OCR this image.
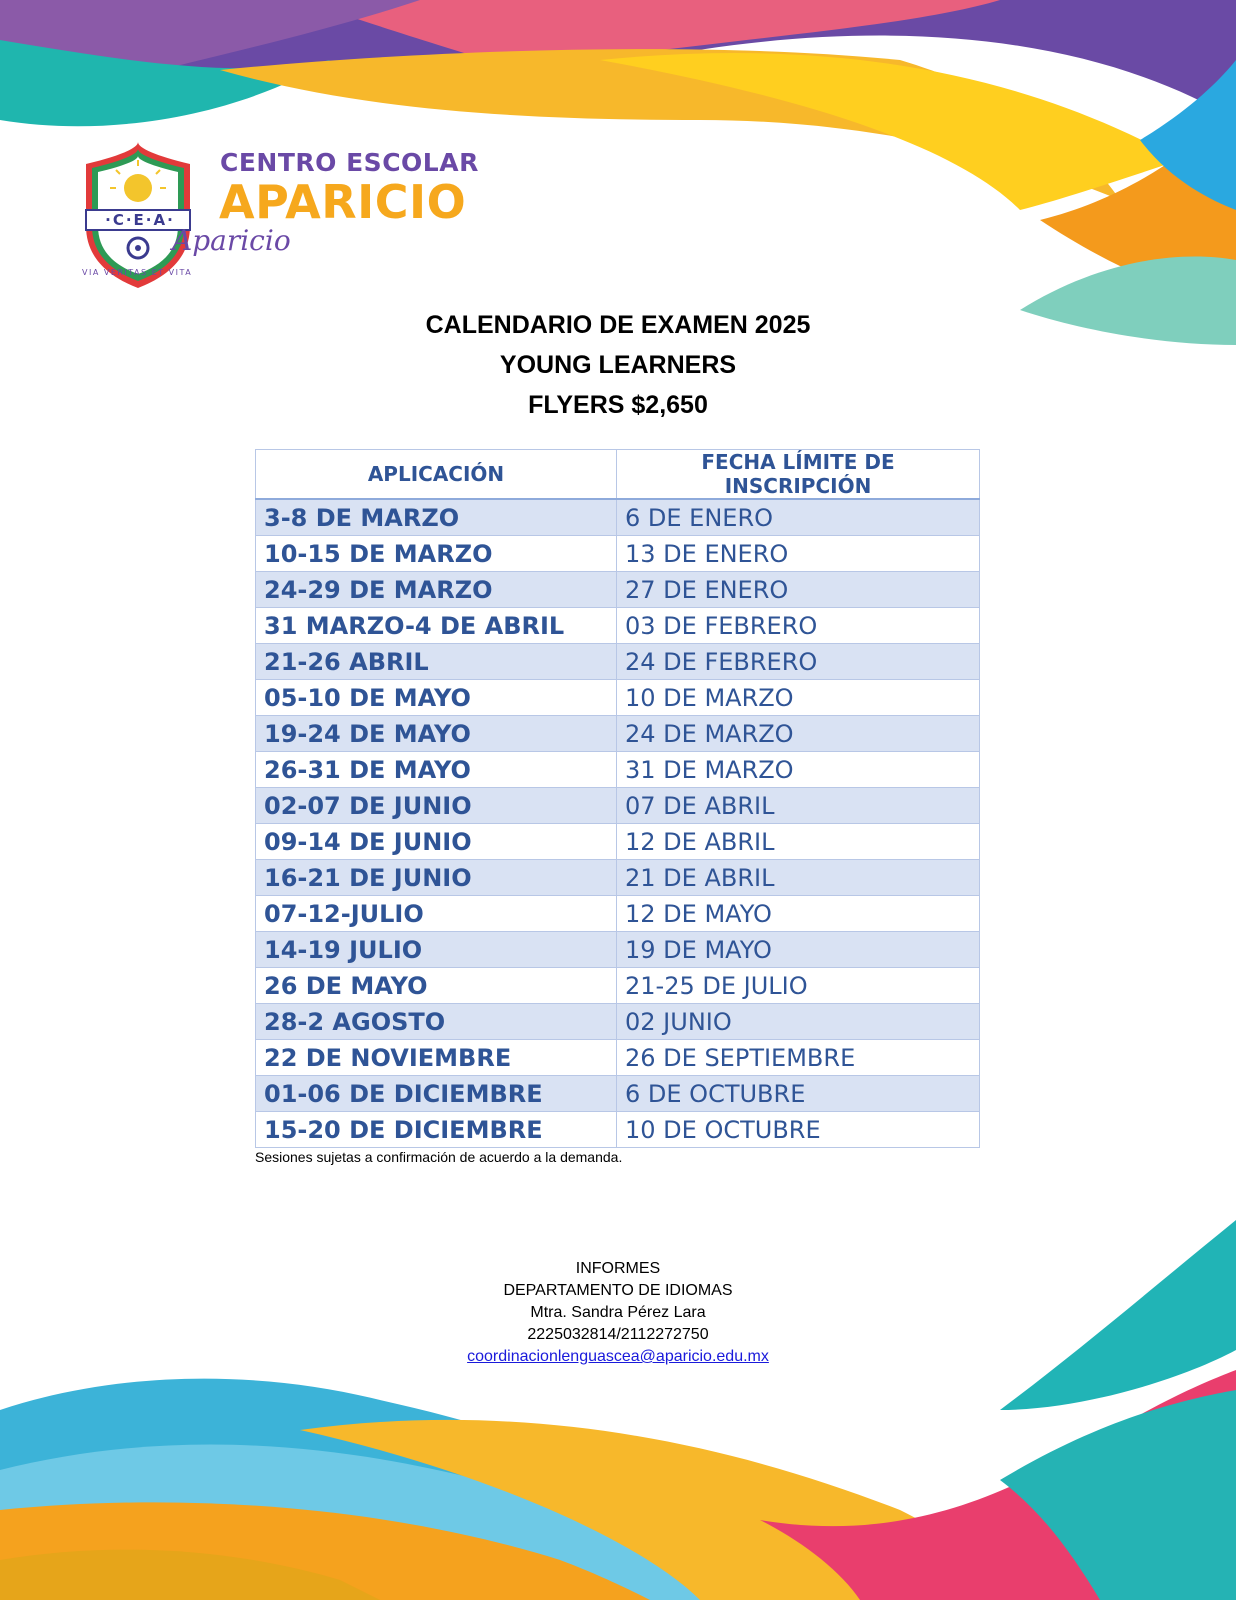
·C·E·A·
VIA VERITAS ET VITA
CENTRO ESCOLAR
APARICIO
Aparicio
CALENDARIO DE EXAMEN 2025
YOUNG LEARNERS
FLYERS $2,650
APLICACIÓN	FECHA LÍMITE DE INSCRIPCIÓN
3-8 DE MARZO	6 DE ENERO
10-15 DE MARZO	13 DE ENERO
24-29 DE MARZO	27 DE ENERO
31 MARZO-4 DE ABRIL	03 DE FEBRERO
21-26 ABRIL	24 DE FEBRERO
05-10 DE MAYO	10 DE MARZO
19-24 DE MAYO	24 DE MARZO
26-31 DE MAYO	31 DE MARZO
02-07 DE JUNIO	07 DE ABRIL
09-14 DE JUNIO	12 DE ABRIL
16-21 DE JUNIO	21 DE ABRIL
07-12-JULIO	12 DE MAYO
14-19 JULIO	19 DE MAYO
26 DE MAYO	21-25 DE JULIO
28-2 AGOSTO	02 JUNIO
22 DE NOVIEMBRE	26 DE SEPTIEMBRE
01-06 DE DICIEMBRE	6 DE OCTUBRE
15-20 DE DICIEMBRE	10 DE OCTUBRE
Sesiones sujetas a confirmación de acuerdo a la demanda.
INFORMES
DEPARTAMENTO DE IDIOMAS
Mtra. Sandra Pérez Lara
2225032814/2112272750
coordinacionlenguascea@aparicio.edu.mx
